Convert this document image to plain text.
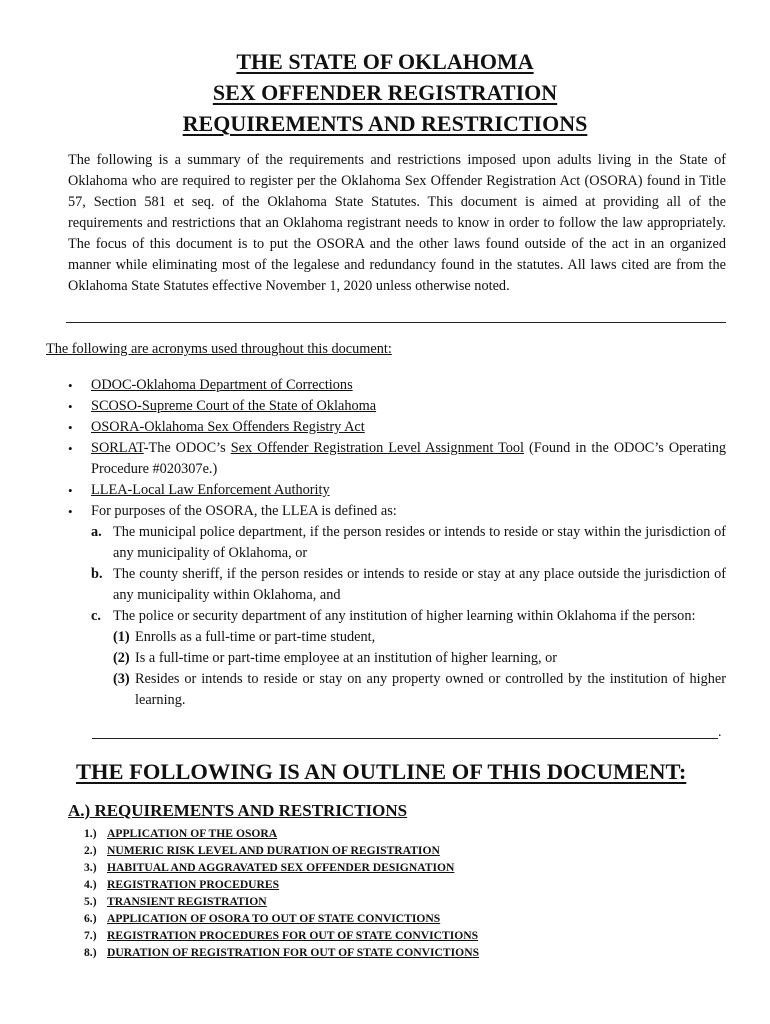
THE STATE OF OKLAHOMA
SEX OFFENDER REGISTRATION
REQUIREMENTS AND RESTRICTIONS

The following is a summary of the requirements and restrictions imposed upon adults living in the State of Oklahoma who are required to register per the Oklahoma Sex Offender Registration Act (OSORA) found in Title 57, Section 581 et seq. of the Oklahoma State Statutes. This document is aimed at providing all of the requirements and restrictions that an Oklahoma registrant needs to know in order to follow the law appropriately. The focus of this document is to put the OSORA and the other laws found outside of the act in an organized manner while eliminating most of the legalese and redundancy found in the statutes. All laws cited are from the Oklahoma State Statutes effective November 1, 2020 unless otherwise noted.

The following are acronyms used throughout this document:

• ODOC-Oklahoma Department of Corrections
• SCOSO-Supreme Court of the State of Oklahoma
• OSORA-Oklahoma Sex Offenders Registry Act
• SORLAT-The ODOC’s Sex Offender Registration Level Assignment Tool (Found in the ODOC’s Operating Procedure #020307e.)
• LLEA-Local Law Enforcement Authority
• For purposes of the OSORA, the LLEA is defined as:
a. The municipal police department, if the person resides or intends to reside or stay within the jurisdiction of any municipality of Oklahoma, or
b. The county sheriff, if the person resides or intends to reside or stay at any place outside the jurisdiction of any municipality within Oklahoma, and
c. The police or security department of any institution of higher learning within Oklahoma if the person:
(1) Enrolls as a full-time or part-time student,
(2) Is a full-time or part-time employee at an institution of higher learning, or
(3) Resides or intends to reside or stay on any property owned or controlled by the institution of higher learning.
.
THE FOLLOWING IS AN OUTLINE OF THIS DOCUMENT:
A.) REQUIREMENTS AND RESTRICTIONS
1.) APPLICATION OF THE OSORA
2.) NUMERIC RISK LEVEL AND DURATION OF REGISTRATION
3.) HABITUAL AND AGGRAVATED SEX OFFENDER DESIGNATION
4.) REGISTRATION PROCEDURES
5.) TRANSIENT REGISTRATION
6.) APPLICATION OF OSORA TO OUT OF STATE CONVICTIONS
7.) REGISTRATION PROCEDURES FOR OUT OF STATE CONVICTIONS
8.) DURATION OF REGISTRATION FOR OUT OF STATE CONVICTIONS
